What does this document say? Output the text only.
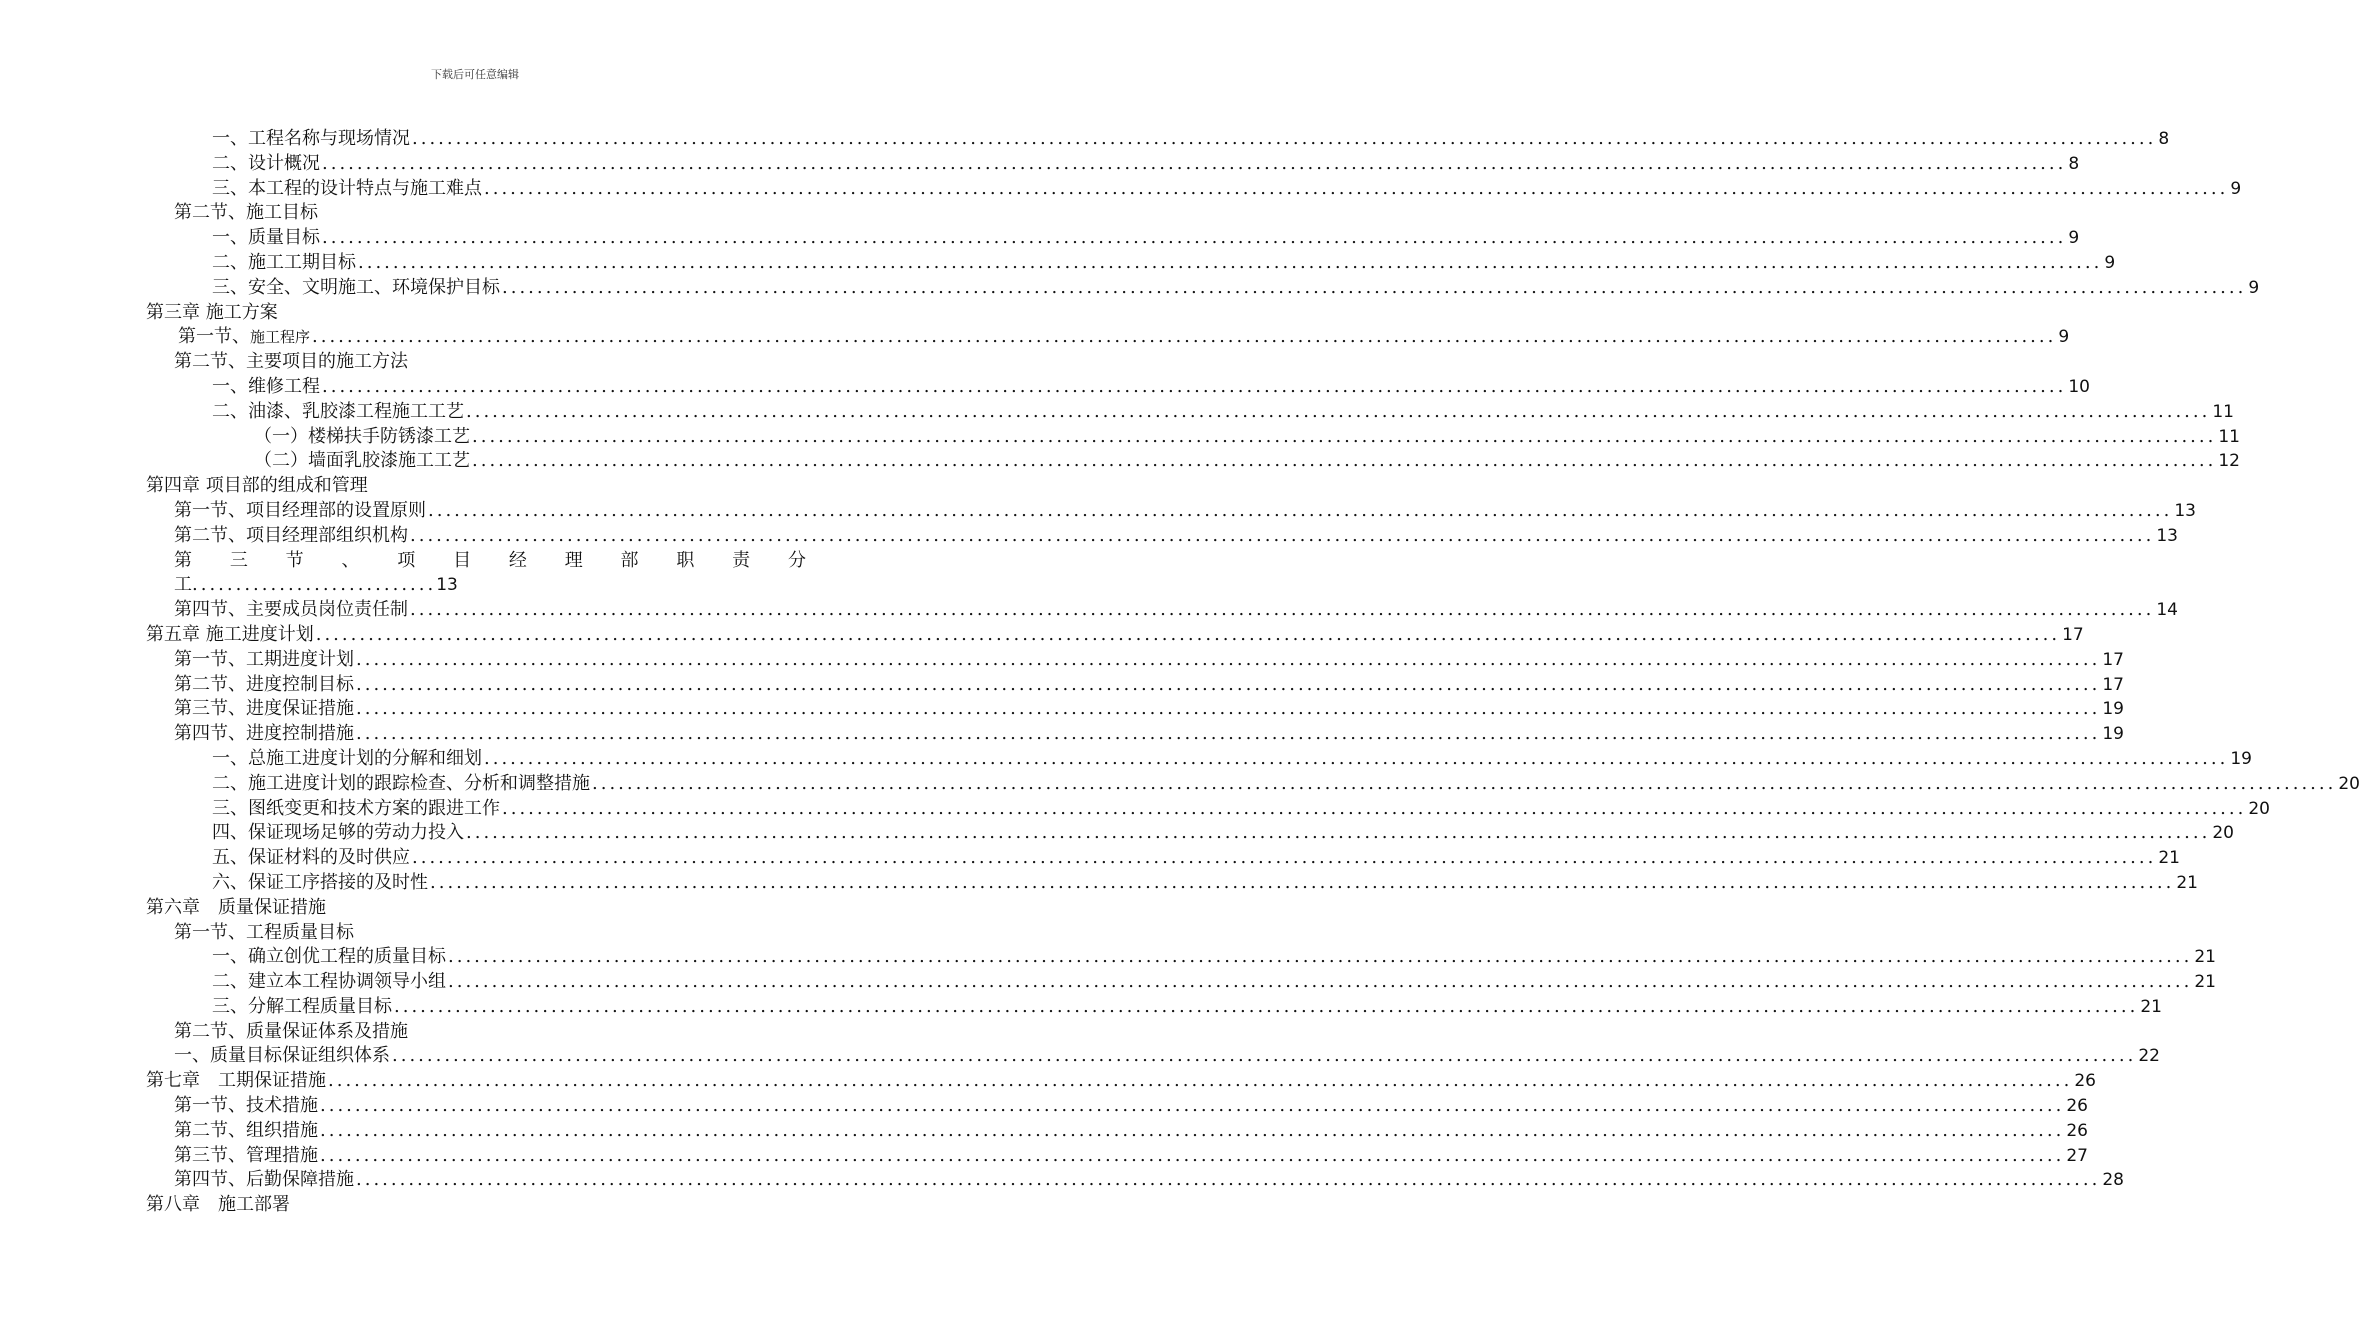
下载后可任意编辑
一、工程名称与现场情况 ........................................................................................................................................................................................................ 8
二、设计概况 ........................................................................................................................................................................................................ 8
三、本工程的设计特点与施工难点 ........................................................................................................................................................................................................ 9
第二节、施工目标
一、质量目标 ........................................................................................................................................................................................................ 9
二、施工工期目标 ........................................................................................................................................................................................................ 9
三、安全、文明施工、环境保护目标 ........................................................................................................................................................................................................ 9
第三章 施工方案
第一节、 施工程序 ........................................................................................................................................................................................................ 9
第二节、主要项目的施工方法
一、维修工程 ........................................................................................................................................................................................................ 10
二、油漆、乳胶漆工程施工工艺 ........................................................................................................................................................................................................ 11
（一）楼梯扶手防锈漆工艺 ........................................................................................................................................................................................................ 11
（二）墙面乳胶漆施工工艺 ........................................................................................................................................................................................................ 12
第四章 项目部的组成和管理
第一节、项目经理部的设置原则 ........................................................................................................................................................................................................ 13
第二节、项目经理部组织机构 ........................................................................................................................................................................................................ 13
第 三 节 、 项 目 经 理 部 职 责 分
工............................13
第四节、主要成员岗位责任制 ........................................................................................................................................................................................................ 14
第五章 施工进度计划 ........................................................................................................................................................................................................ 17
第一节、工期进度计划 ........................................................................................................................................................................................................ 17
第二节、进度控制目标 ........................................................................................................................................................................................................ 17
第三节、进度保证措施 ........................................................................................................................................................................................................ 19
第四节、进度控制措施 ........................................................................................................................................................................................................ 19
一、总施工进度计划的分解和细划 ........................................................................................................................................................................................................ 19
二、施工进度计划的跟踪检查、分析和调整措施 ........................................................................................................................................................................................................ 20
三、图纸变更和技术方案的跟进工作 ........................................................................................................................................................................................................ 20
四、保证现场足够的劳动力投入 ........................................................................................................................................................................................................ 20
五、保证材料的及时供应 ........................................................................................................................................................................................................ 21
六、保证工序搭接的及时性 ........................................................................................................................................................................................................ 21
第六章　质量保证措施
第一节、工程质量目标
一、确立创优工程的质量目标 ........................................................................................................................................................................................................ 21
二、建立本工程协调领导小组 ........................................................................................................................................................................................................ 21
三、分解工程质量目标 ........................................................................................................................................................................................................ 21
第二节、质量保证体系及措施
一、质量目标保证组织体系 ........................................................................................................................................................................................................ 22
第七章　工期保证措施 ........................................................................................................................................................................................................ 26
第一节、技术措施 ........................................................................................................................................................................................................ 26
第二节、组织措施 ........................................................................................................................................................................................................ 26
第三节、管理措施 ........................................................................................................................................................................................................ 27
第四节、后勤保障措施 ........................................................................................................................................................................................................ 28
第八章　施工部署
